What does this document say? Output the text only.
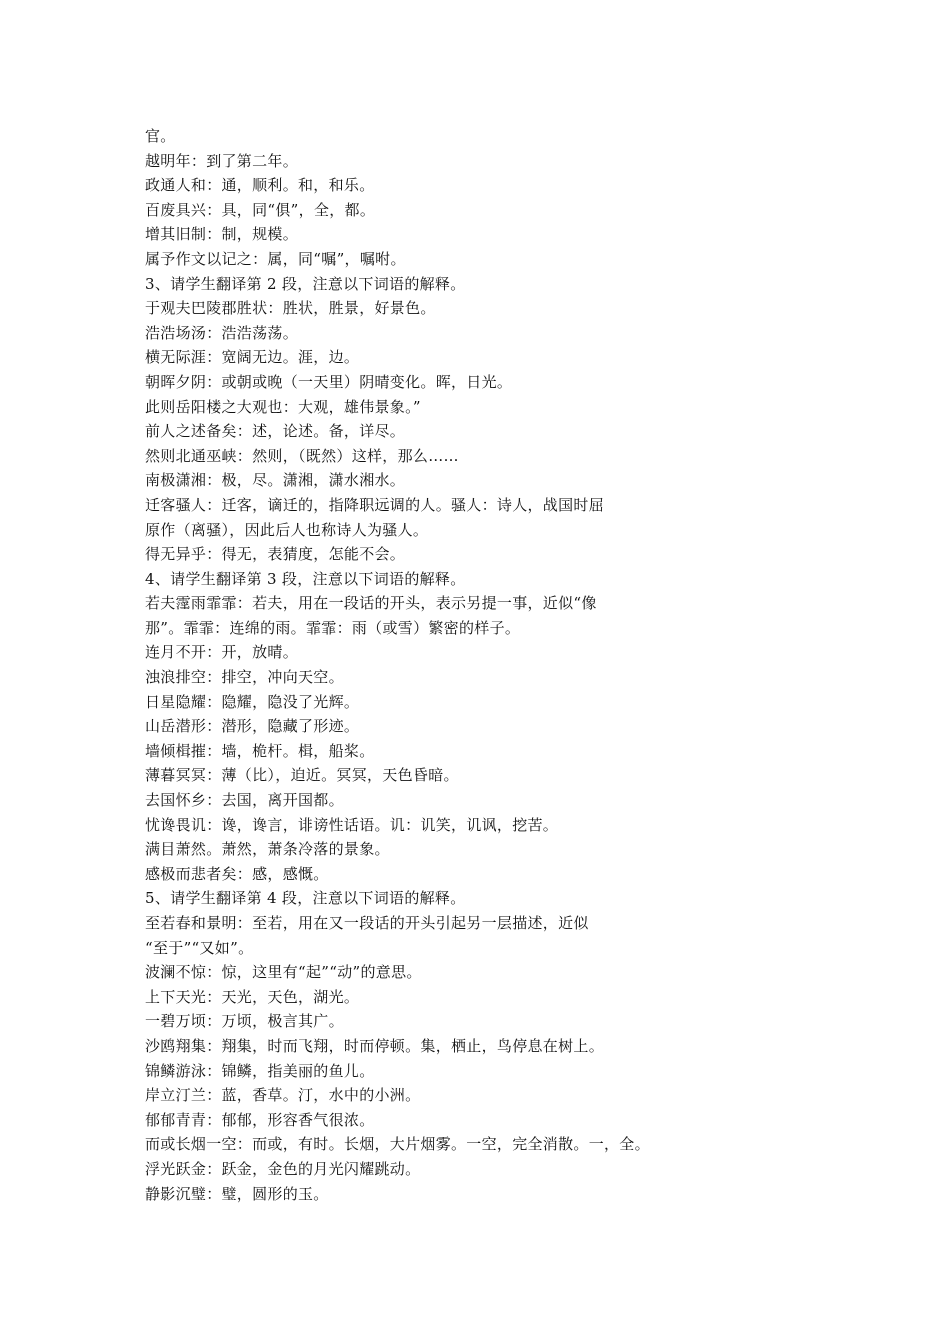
官。
越明年：到了第二年。
政通人和：通，顺利。和，和乐。
百废具兴：具，同“俱”，全，都。
增其旧制：制，规模。
属予作文以记之：属，同“嘱”，嘱咐。
3、请学生翻译第 2 段，注意以下词语的解释。
于观夫巴陵郡胜状：胜状，胜景，好景色。
浩浩场汤：浩浩荡荡。
横无际涯：宽阔无边。涯，边。
朝晖夕阴：或朝或晚（一天里）阴晴变化。晖，日光。
此则岳阳楼之大观也：大观，雄伟景象。”
前人之述备矣：述，论述。备，详尽。
然则北通巫峡：然则，（既然）这样，那么……
南极潇湘：极，尽。潇湘，潇水湘水。
迁客骚人：迁客，谪迁的，指降职远调的人。骚人：诗人，战国时屈
原作（离骚），因此后人也称诗人为骚人。
得无异乎：得无，表猜度，怎能不会。
4、请学生翻译第 3 段，注意以下词语的解释。
若夫霪雨霏霏：若夫，用在一段话的开头，表示另提一事，近似“像
那”。霏霏：连绵的雨。霏霏：雨（或雪）繁密的样子。
连月不开：开，放晴。
浊浪排空：排空，冲向天空。
日星隐耀：隐耀，隐没了光辉。
山岳潜形：潜形，隐藏了形迹。
墙倾楫摧：墙，桅杆。楫，船桨。
薄暮冥冥：薄（比），迫近。冥冥，天色昏暗。
去国怀乡：去国，离开国都。
忧谗畏讥：谗，谗言，诽谤性话语。讥：讥笑，讥讽，挖苦。
满目萧然。萧然，萧条冷落的景象。
感极而悲者矣：感，感慨。
5、请学生翻译第 4 段，注意以下词语的解释。
至若春和景明：至若，用在又一段话的开头引起另一层描述，近似
“至于”“又如”。
波澜不惊：惊，这里有“起”“动”的意思。
上下天光：天光，天色，湖光。
一碧万顷：万顷，极言其广。
沙鸥翔集：翔集，时而飞翔，时而停顿。集，栖止，鸟停息在树上。
锦鳞游泳：锦鳞，指美丽的鱼儿。
岸立汀兰：蓝，香草。汀，水中的小洲。
郁郁青青：郁郁，形容香气很浓。
而或长烟一空：而或，有时。长烟，大片烟雾。一空，完全消散。一，全。
浮光跃金：跃金，金色的月光闪耀跳动。
静影沉璧：璧，圆形的玉。
